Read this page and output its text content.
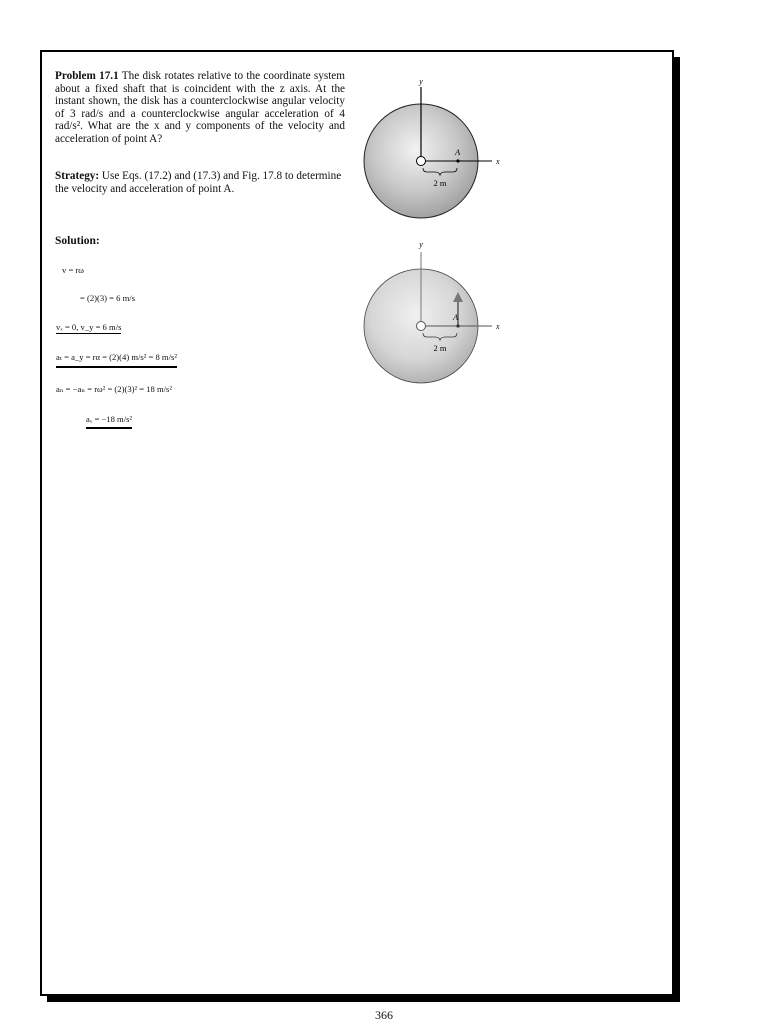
Problem 17.1 The disk rotates relative to the coordinate system about a fixed shaft that is coincident with the z axis. At the instant shown, the disk has a counterclockwise angular velocity of 3 rad/s and a counterclockwise angular acceleration of 4 rad/s². What are the x and y components of the velocity and acceleration of point A?
Strategy: Use Eqs. (17.2) and (17.3) and Fig. 17.8 to determine the velocity and acceleration of point A.
Solution:
v = rω
= (2)(3) = 6 m/s
vₓ = 0, v_y = 6 m/s
aₜ = a_y = rα = (2)(4) m/s² = 8 m/s²
aₙ = −aₙ = rω² = (2)(3)² = 18 m/s²
aₓ = −18 m/s²
y
x
A
2 m
y
x
A
2 m
366
